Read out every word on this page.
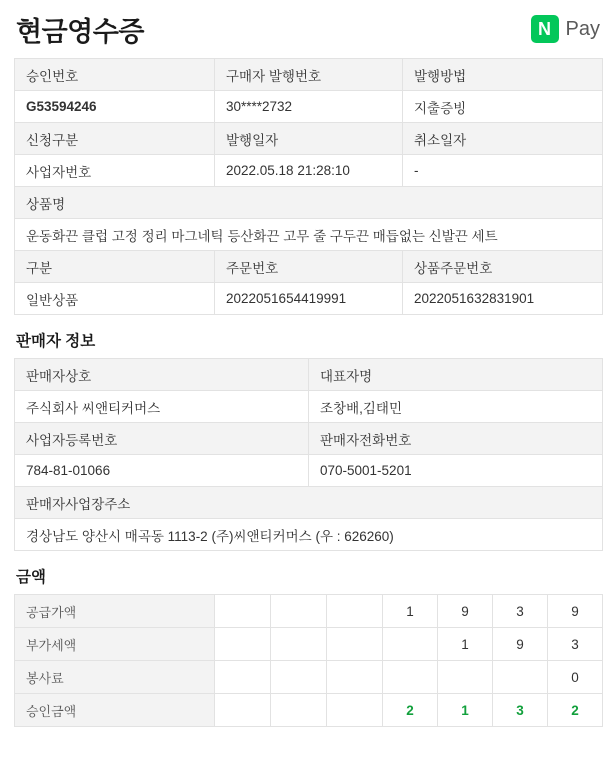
현금영수증	N Pay
승인번호	구매자 발행번호	발행방법
G53594246	30****2732	지출증빙
신청구분	발행일자	취소일자
사업자번호	2022.05.18 21:28:10	-
상품명		
운동화끈 클럽 고정 정리 마그네틱 등산화끈 고무 줄 구두끈 매듭없는 신발끈 세트		
구분	주문번호	상품주문번호
일반상품	2022051654419991	2022051632831901
판매자 정보
판매자상호	대표자명
주식회사 씨앤티커머스	조창배,김태민
사업자등록번호	판매자전화번호
784-81-01066	070-5001-5201
판매자사업장주소	
경상남도 양산시 매곡동 1113-2 (주)씨앤티커머스 (우 : 626260)	
금액
공급가액				1	9	3	9
부가세액					1	9	3
봉사료							0
승인금액				2	1	3	2
